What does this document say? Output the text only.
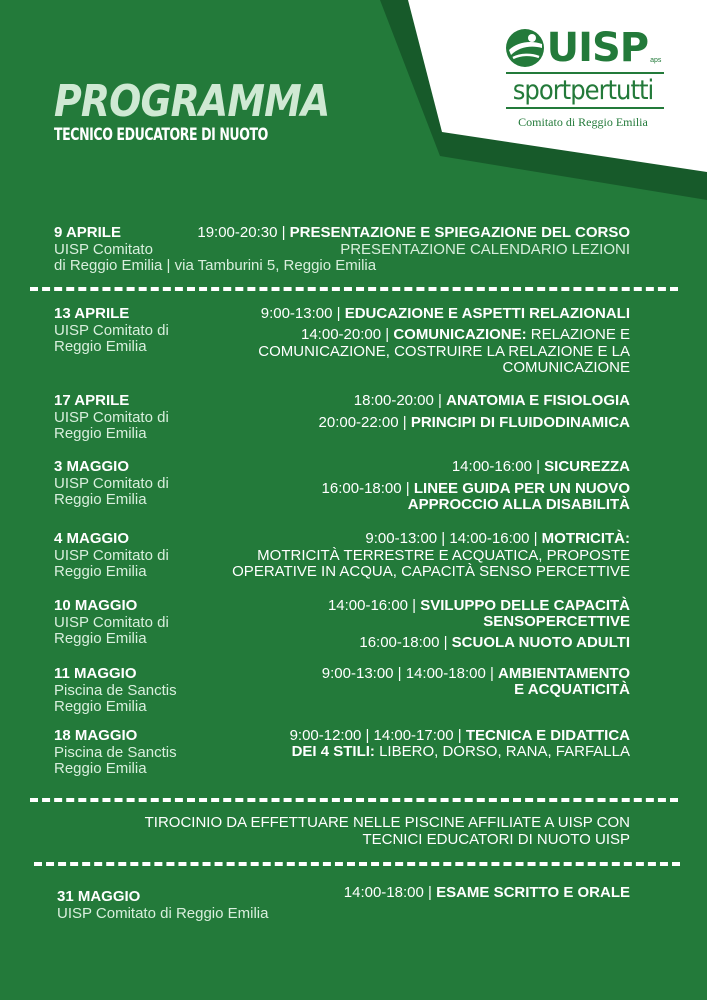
UISP aps
sportpertutti
Comitato di Reggio Emilia
PROGRAMMA
TECNICO EDUCATORE DI NUOTO
9 APRILE
UISP Comitato
di Reggio Emilia | via Tamburini 5, Reggio Emilia
19:00-20:30 | PRESENTAZIONE E SPIEGAZIONE DEL CORSO
PRESENTAZIONE CALENDARIO LEZIONI
13 APRILE
UISP Comitato di
Reggio Emilia
9:00-13:00 | EDUCAZIONE E ASPETTI RELAZIONALI
14:00-20:00 | COMUNICAZIONE: RELAZIONE E
COMUNICAZIONE, COSTRUIRE LA RELAZIONE E LA
COMUNICAZIONE
17 APRILE
UISP Comitato di
Reggio Emilia
18:00-20:00 | ANATOMIA E FISIOLOGIA
20:00-22:00 | PRINCIPI DI FLUIDODINAMICA
3 MAGGIO
UISP Comitato di
Reggio Emilia
14:00-16:00 | SICUREZZA
16:00-18:00 | LINEE GUIDA PER UN NUOVO
APPROCCIO ALLA DISABILITÀ
4 MAGGIO
UISP Comitato di
Reggio Emilia
9:00-13:00 | 14:00-16:00 | MOTRICITÀ:
MOTRICITÀ TERRESTRE E ACQUATICA, PROPOSTE
OPERATIVE IN ACQUA, CAPACITÀ SENSO PERCETTIVE
10 MAGGIO
UISP Comitato di
Reggio Emilia
14:00-16:00 | SVILUPPO DELLE CAPACITÀ
SENSOPERCETTIVE
16:00-18:00 | SCUOLA NUOTO ADULTI
11 MAGGIO
Piscina de Sanctis
Reggio Emilia
9:00-13:00 | 14:00-18:00 | AMBIENTAMENTO
E ACQUATICITÀ
18 MAGGIO
Piscina de Sanctis
Reggio Emilia
9:00-12:00 | 14:00-17:00 | TECNICA E DIDATTICA
DEI 4 STILI: LIBERO, DORSO, RANA, FARFALLA
TIROCINIO DA EFFETTUARE NELLE PISCINE AFFILIATE A UISP CON
TECNICI EDUCATORI DI NUOTO UISP
31 MAGGIO
UISP Comitato di Reggio Emilia
14:00-18:00 | ESAME SCRITTO E ORALE
